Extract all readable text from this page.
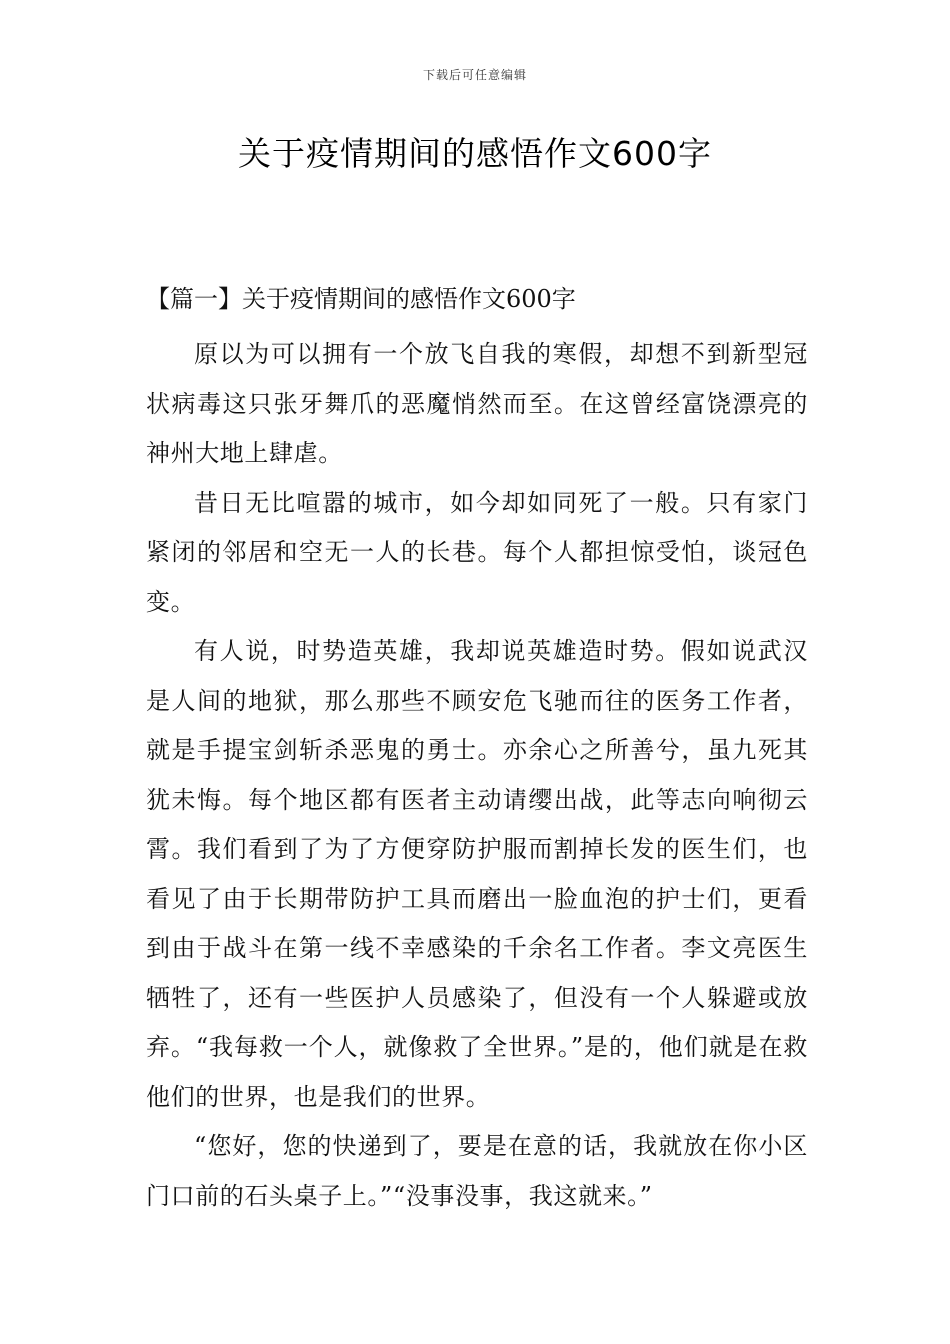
下载后可任意编辑
关于疫情期间的感悟作文600字
【篇一】关于疫情期间的感悟作文600字

原以为可以拥有一个放飞自我的寒假，却想不到新型冠状病毒这只张牙舞爪的恶魔悄然而至。在这曾经富饶漂亮的神州大地上肆虐。

昔日无比喧嚣的城市，如今却如同死了一般。只有家门紧闭的邻居和空无一人的长巷。每个人都担惊受怕，谈冠色变。

有人说，时势造英雄，我却说英雄造时势。假如说武汉是人间的地狱，那么那些不顾安危飞驰而往的医务工作者，就是手提宝剑斩杀恶鬼的勇士。亦余心之所善兮，虽九死其犹未悔。每个地区都有医者主动请缨出战，此等志向响彻云霄。我们看到了为了方便穿防护服而割掉长发的医生们，也看见了由于长期带防护工具而磨出一脸血泡的护士们，更看到由于战斗在第一线不幸感染的千余名工作者。李文亮医生牺牲了，还有一些医护人员感染了，但没有一个人躲避或放弃。“我每救一个人，就像救了全世界。”是的，他们就是在救他们的世界，也是我们的世界。

“您好，您的快递到了，要是在意的话，我就放在你小区门口前的石头桌子上。”“没事没事，我这就来。”
